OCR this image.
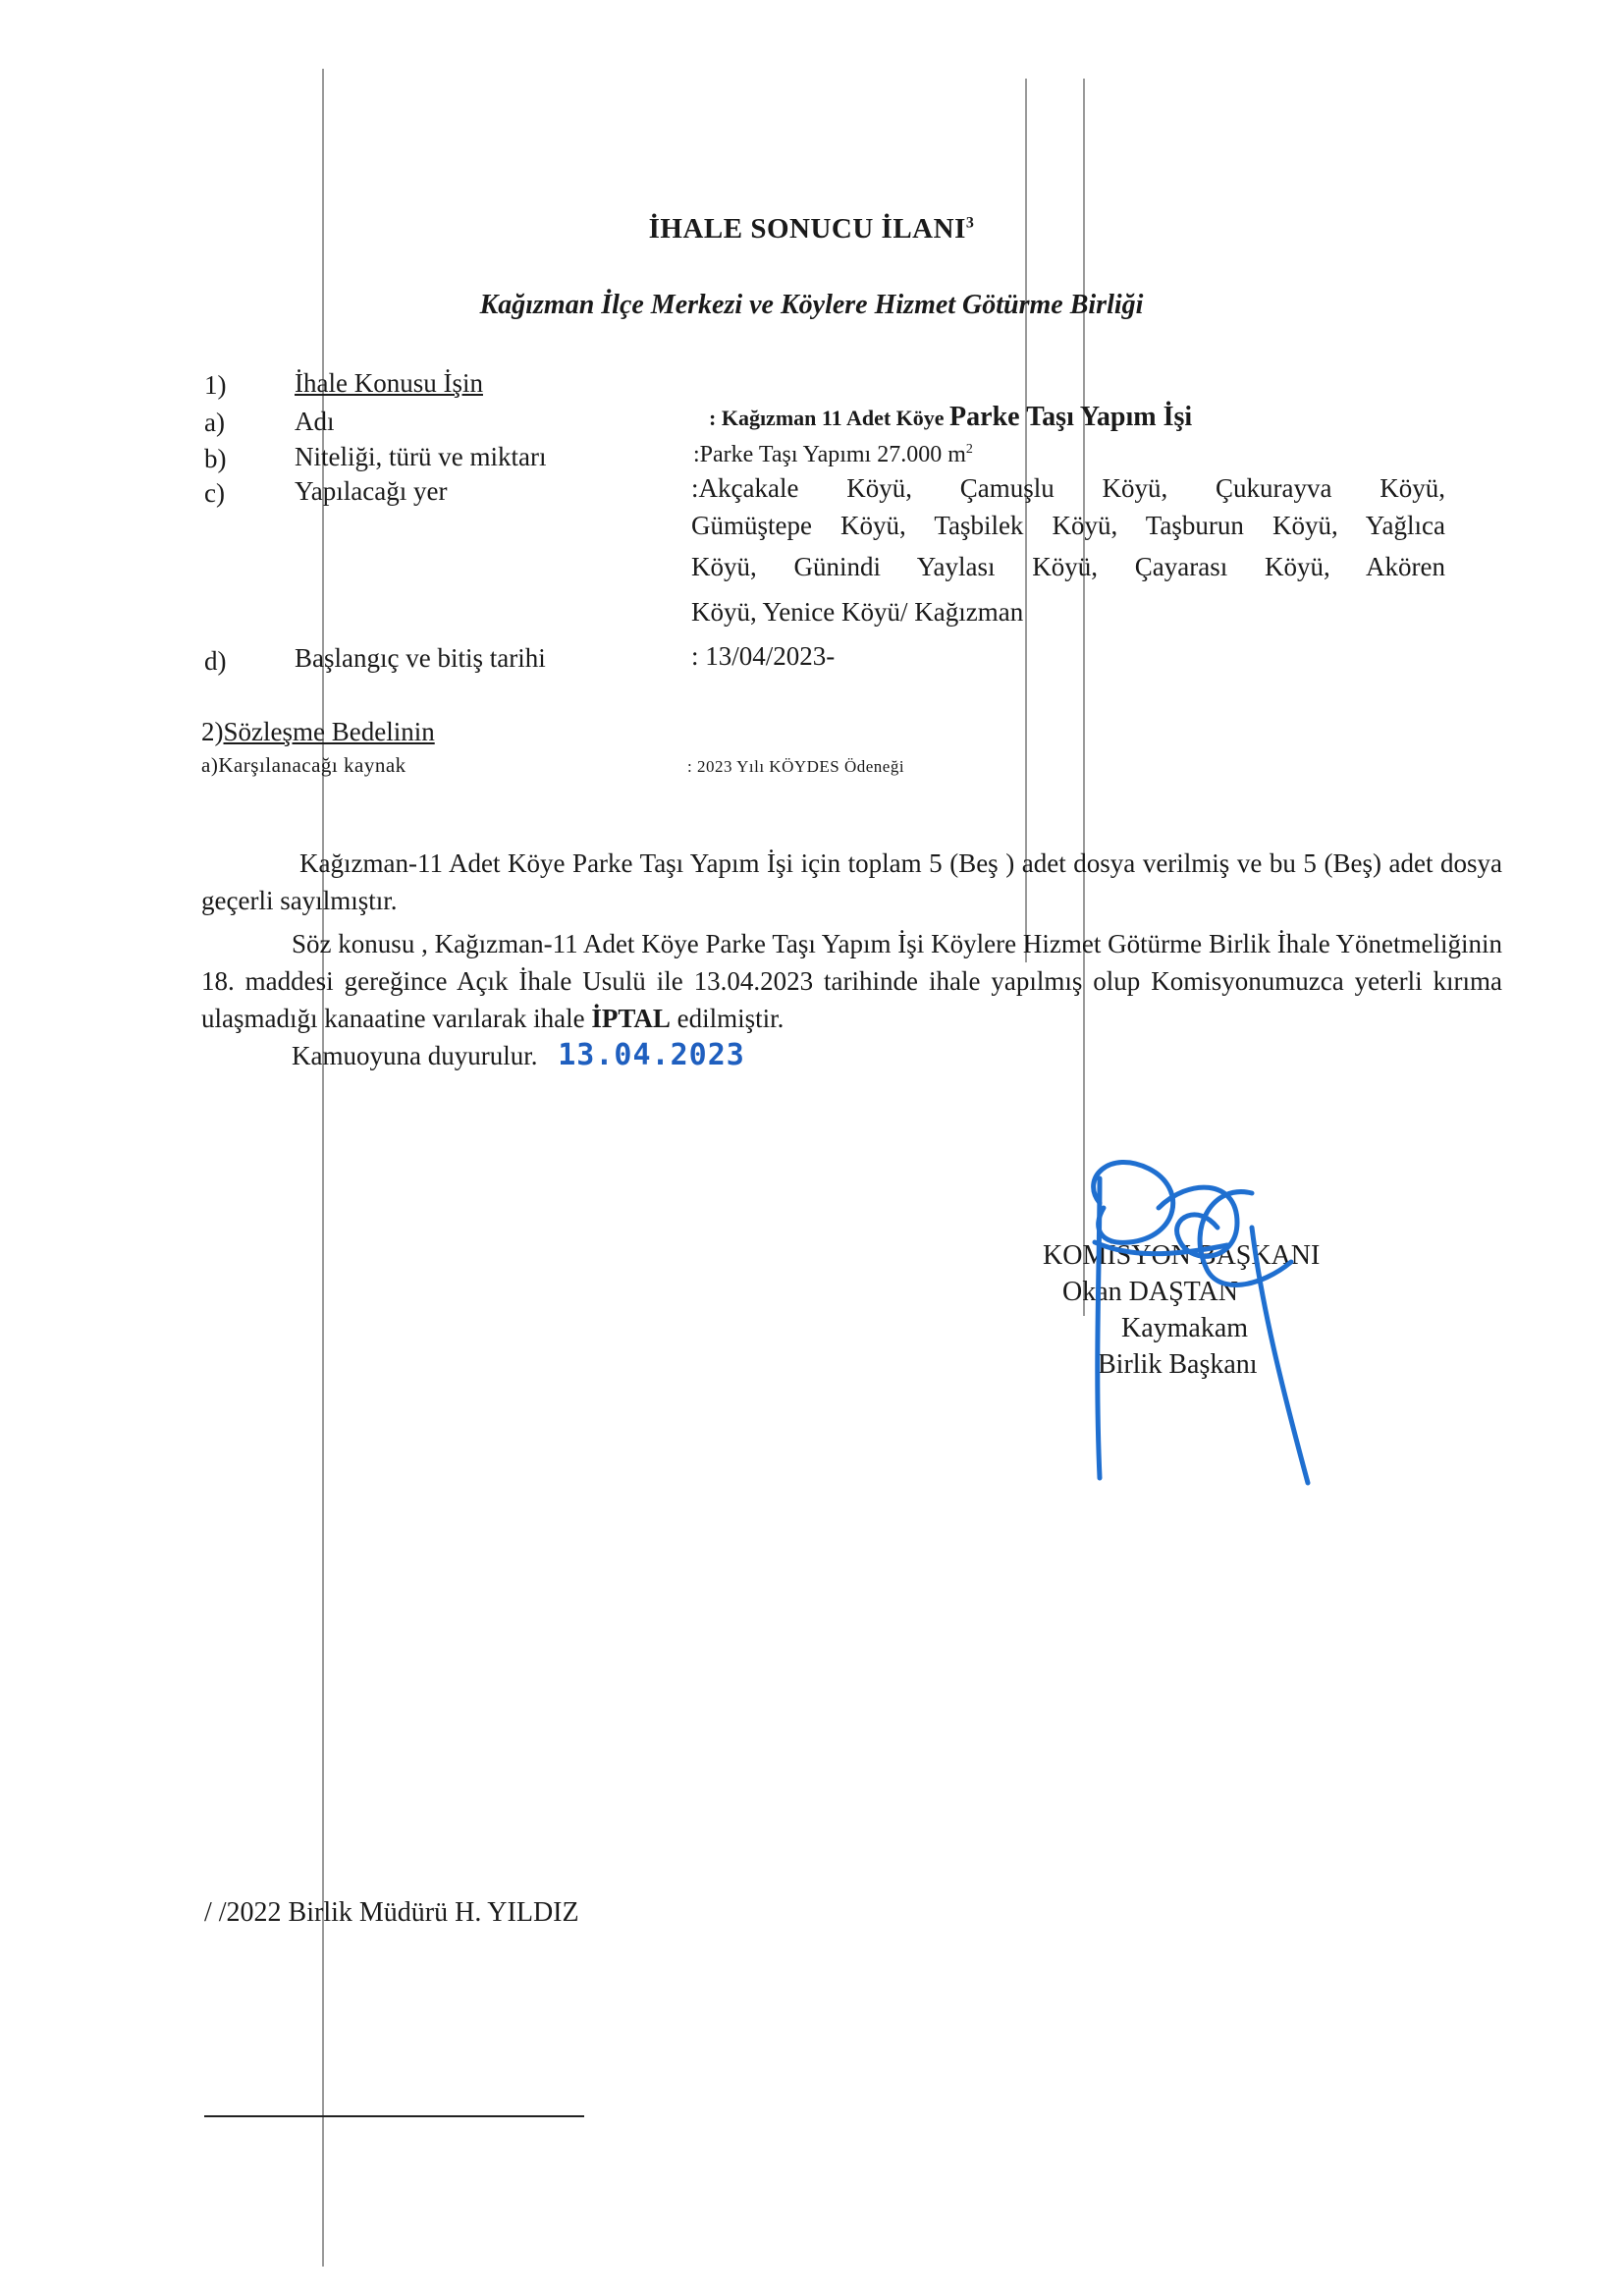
İHALE SONUCU İLANI$^3$
Kağızman İlçe Merkezi ve Köylere Hizmet Götürme Birliği
1)	İhale Konusu İşin
a)	Adı	: Kağızman 11 Adet Köye Parke Taşı Yapım İşi
b)	Niteliği, türü ve miktarı	:Parke Taşı Yapımı 27.000 $m^2$
c)	Yapılacağı yer	:Akçakale Köyü, Çamuşlu Köyü, Çukurayva Köyü,
Gümüştepe Köyü, Taşbilek Köyü, Taşburun Köyü, Yağlıca
Köyü, Günindi Yaylası Köyü, Çayarası Köyü, Akören
Köyü, Yenice Köyü/ Kağızman
d)	Başlangıç ve bitiş tarihi	: 13/04/2023-
2)Sözleşme Bedelinin
a)Karşılanacağı kaynak	: 2023 Yılı KÖYDES Ödeneği

Kağızman-11 Adet Köye Parke Taşı Yapım İşi için toplam 5 (Beş ) adet dosya verilmiş ve bu 5 (Beş) adet dosya geçerli sayılmıştır.

Söz konusu , Kağızman-11 Adet Köye Parke Taşı Yapım İşi Köylere Hizmet Götürme Birlik İhale Yönetmeliğinin 18. maddesi gereğince Açık İhale Usulü ile 13.04.2023 tarihinde ihale yapılmış olup Komisyonumuzca yeterli kırıma ulaşmadığı kanaatine varılarak ihale İPTAL edilmiştir.

Kamuoyuna duyurulur. 13.04.2023

KOMİSYON BAŞKANI
Okan DAŞTAN
Kaymakam
Birlik Başkanı
/ /2022 Birlik Müdürü H. YILDIZ
